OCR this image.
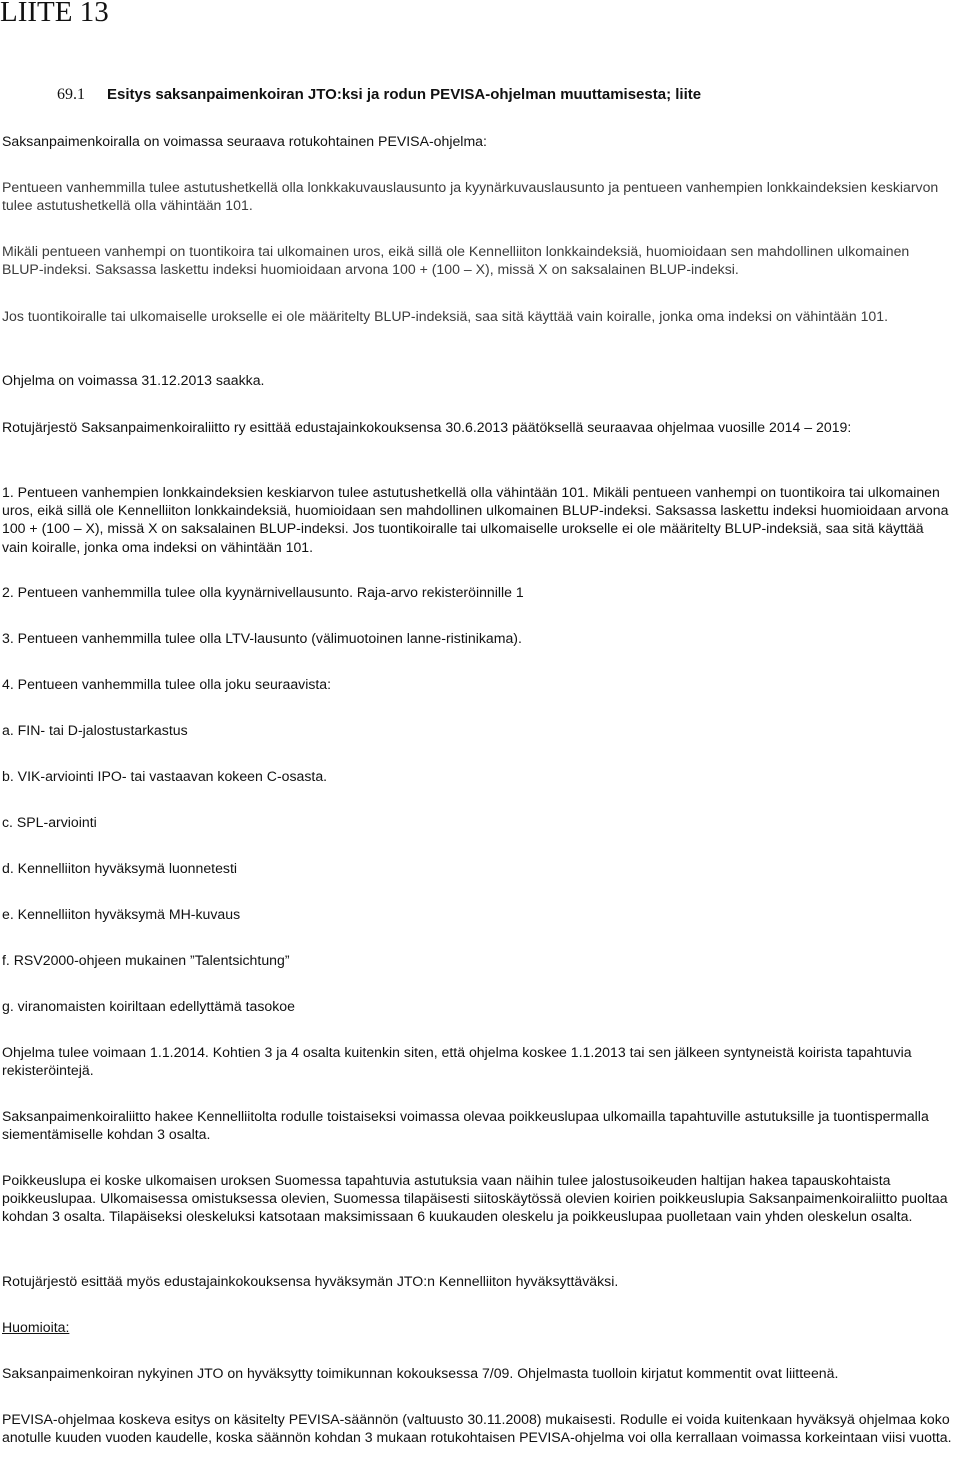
LIITE 13
69.1 Esitys saksanpaimenkoiran JTO:ksi ja rodun PEVISA-ohjelman muuttamisesta; liite

Saksanpaimenkoiralla on voimassa seuraava rotukohtainen PEVISA-ohjelma:

Pentueen vanhemmilla tulee astutushetkellä olla lonkkakuvauslausunto ja kyynärkuvauslausunto ja pentueen vanhempien lonkkaindeksien keskiarvon tulee astutushetkellä olla vähintään 101.

Mikäli pentueen vanhempi on tuontikoira tai ulkomainen uros, eikä sillä ole Kennelliiton lonkkaindeksiä, huomioidaan sen mahdollinen ulkomainen BLUP-indeksi. Saksassa laskettu indeksi huomioidaan arvona 100 + (100 – X), missä X on saksalainen BLUP-indeksi.

Jos tuontikoiralle tai ulkomaiselle urokselle ei ole määritelty BLUP-indeksiä, saa sitä käyttää vain koiralle, jonka oma indeksi on vähintään 101.

Ohjelma on voimassa 31.12.2013 saakka.

Rotujärjestö Saksanpaimenkoiraliitto ry esittää edustajainkokouksensa 30.6.2013 päätöksellä seuraavaa ohjelmaa vuosille 2014 – 2019:

1. Pentueen vanhempien lonkkaindeksien keskiarvon tulee astutushetkellä olla vähintään 101. Mikäli pentueen vanhempi on tuontikoira tai ulkomainen uros, eikä sillä ole Kennelliiton lonkkaindeksiä, huomioidaan sen mahdollinen ulkomainen BLUP-indeksi. Saksassa laskettu indeksi huomioidaan arvona 100 + (100 – X), missä X on saksalainen BLUP-indeksi. Jos tuontikoiralle tai ulkomaiselle urokselle ei ole määritelty BLUP-indeksiä, saa sitä käyttää vain koiralle, jonka oma indeksi on vähintään 101.

2. Pentueen vanhemmilla tulee olla kyynärnivellausunto. Raja-arvo rekisteröinnille 1

3. Pentueen vanhemmilla tulee olla LTV-lausunto (välimuotoinen lanne-ristinikama).

4. Pentueen vanhemmilla tulee olla joku seuraavista:

a. FIN- tai D-jalostustarkastus

b. VIK-arviointi IPO- tai vastaavan kokeen C-osasta.

c. SPL-arviointi

d. Kennelliiton hyväksymä luonnetesti

e. Kennelliiton hyväksymä MH-kuvaus

f. RSV2000-ohjeen mukainen ”Talentsichtung”

g. viranomaisten koiriltaan edellyttämä tasokoe

Ohjelma tulee voimaan 1.1.2014. Kohtien 3 ja 4 osalta kuitenkin siten, että ohjelma koskee 1.1.2013 tai sen jälkeen syntyneistä koirista tapahtuvia rekisteröintejä.

Saksanpaimenkoiraliitto hakee Kennelliitolta rodulle toistaiseksi voimassa olevaa poikkeuslupaa ulkomailla tapahtuville astutuksille ja tuontispermalla siementämiselle kohdan 3 osalta.

Poikkeuslupa ei koske ulkomaisen uroksen Suomessa tapahtuvia astutuksia vaan näihin tulee jalostusoikeuden haltijan hakea tapauskohtaista poikkeuslupaa. Ulkomaisessa omistuksessa olevien, Suomessa tilapäisesti siitoskäytössä olevien koirien poikkeuslupia Saksanpaimenkoiraliitto puoltaa kohdan 3 osalta. Tilapäiseksi oleskeluksi katsotaan maksimissaan 6 kuukauden oleskelu ja poikkeuslupaa puolletaan vain yhden oleskelun osalta.

Rotujärjestö esittää myös edustajainkokouksensa hyväksymän JTO:n Kennelliiton hyväksyttäväksi.

Huomioita:

Saksanpaimenkoiran nykyinen JTO on hyväksytty toimikunnan kokouksessa 7/09. Ohjelmasta tuolloin kirjatut kommentit ovat liitteenä.

PEVISA-ohjelmaa koskeva esitys on käsitelty PEVISA-säännön (valtuusto 30.11.2008) mukaisesti. Rodulle ei voida kuitenkaan hyväksyä ohjelmaa koko anotulle kuuden vuoden kaudelle, koska säännön kohdan 3 mukaan rotukohtaisen PEVISA-ohjelma voi olla kerrallaan voimassa korkeintaan viisi vuotta.
